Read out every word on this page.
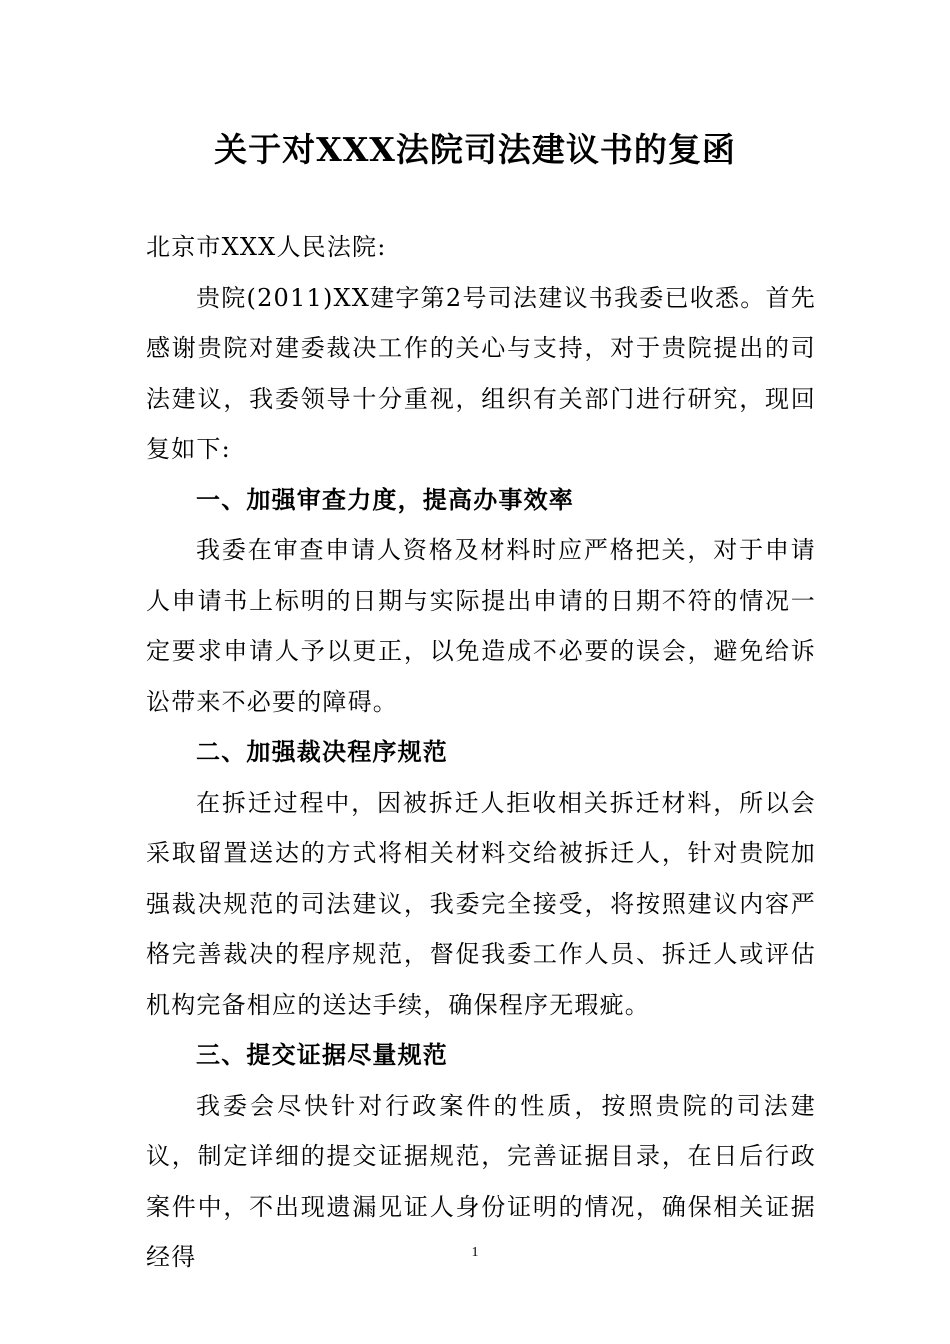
关于对XXX法院司法建议书的复函

北京市XXX人民法院:

贵院(2011)XX建字第2号司法建议书我委已收悉。首先感谢贵院对建委裁决工作的关心与支持，对于贵院提出的司法建议，我委领导十分重视，组织有关部门进行研究，现回复如下:

一、加强审查力度，提高办事效率

我委在审查申请人资格及材料时应严格把关，对于申请人申请书上标明的日期与实际提出申请的日期不符的情况一定要求申请人予以更正，以免造成不必要的误会，避免给诉讼带来不必要的障碍。

二、加强裁决程序规范

在拆迁过程中，因被拆迁人拒收相关拆迁材料，所以会采取留置送达的方式将相关材料交给被拆迁人，针对贵院加强裁决规范的司法建议，我委完全接受，将按照建议内容严格完善裁决的程序规范，督促我委工作人员、拆迁人或评估机构完备相应的送达手续，确保程序无瑕疵。

三、提交证据尽量规范

我委会尽快针对行政案件的性质，按照贵院的司法建议，制定详细的提交证据规范，完善证据目录，在日后行政案件中，不出现遗漏见证人身份证明的情况，确保相关证据经得	1
